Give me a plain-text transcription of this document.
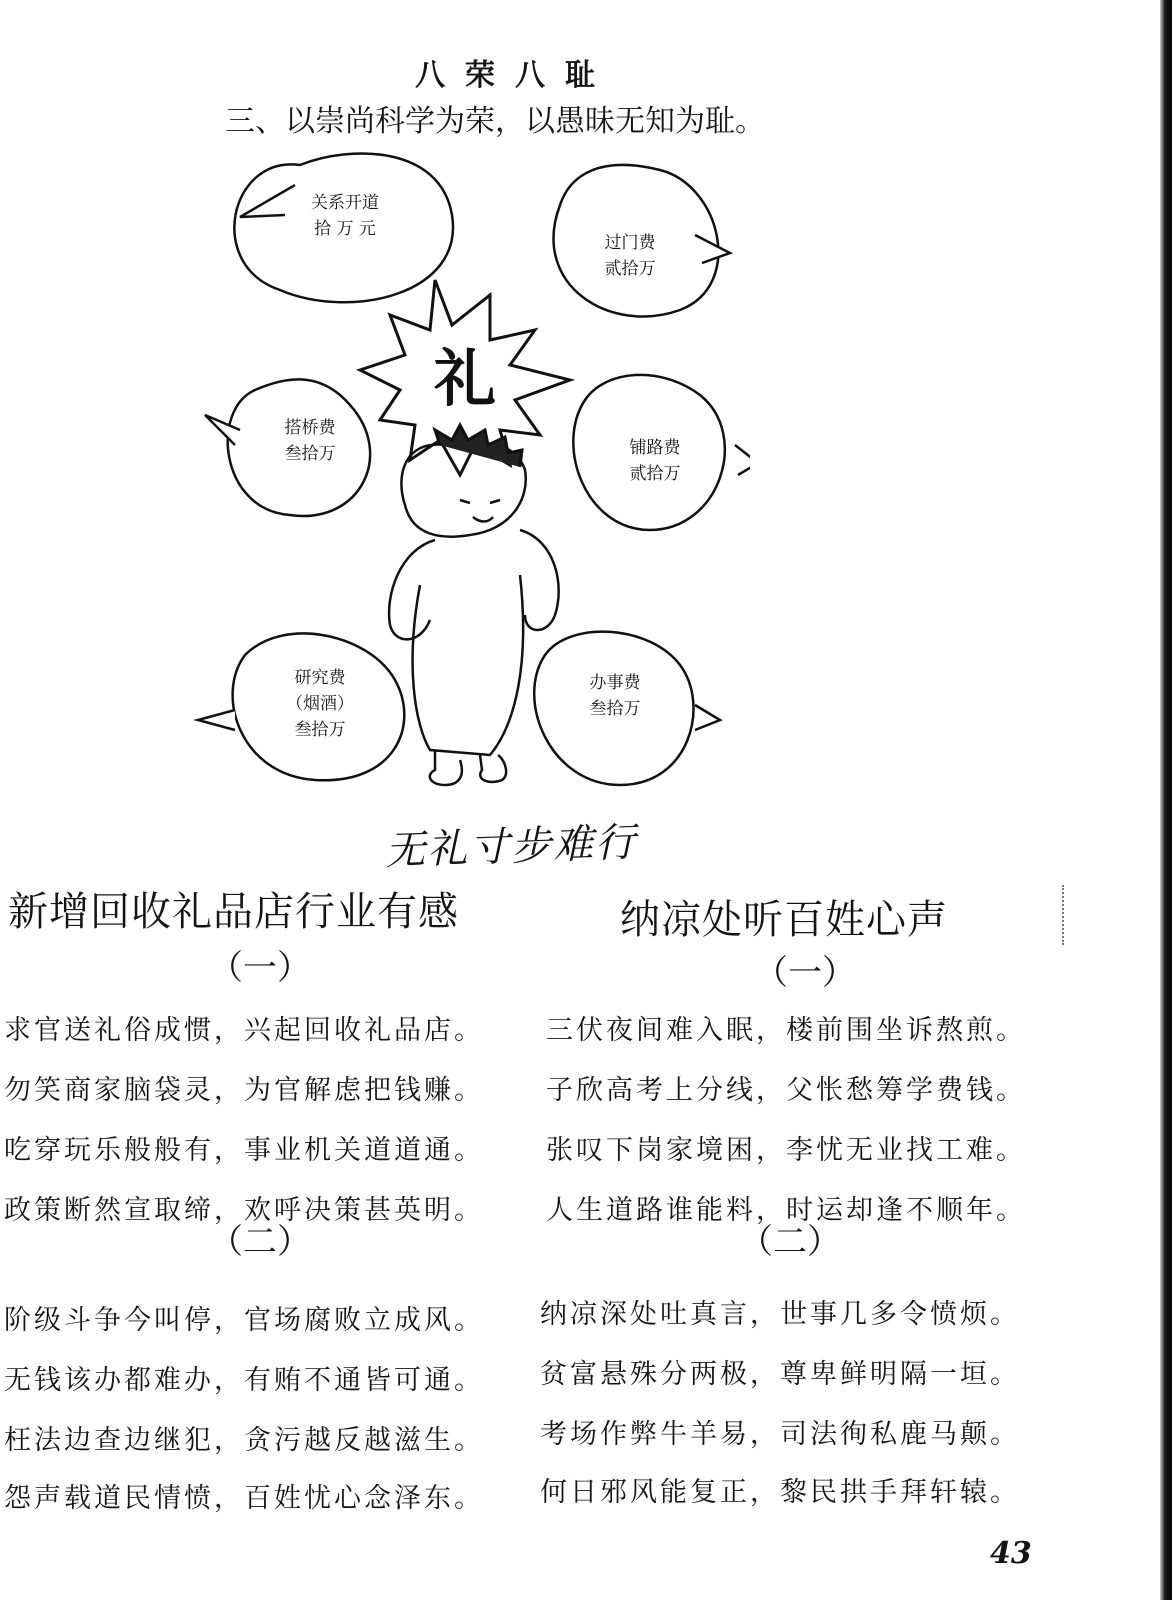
八荣八耻
三、以崇尚科学为荣，以愚昧无知为耻。
礼
关系开道
拾 万 元
过门费
贰拾万
搭桥费
叁拾万	铺路费
贰拾万
研究费
（烟酒）
叁拾万
办事费
叁拾万
无礼寸步难行
新增回收礼品店行业有感
（一）
求官送礼俗成惯，兴起回收礼品店。
勿笑商家脑袋灵，为官解虑把钱赚。
吃穿玩乐般般有，事业机关道道通。
政策断然宣取缔，欢呼决策甚英明。
（二）
阶级斗争今叫停，官场腐败立成风。
无钱该办都难办，有贿不通皆可通。
枉法边查边继犯，贪污越反越滋生。
怨声载道民情愤，百姓忧心念泽东。
纳凉处听百姓心声
（一）
三伏夜间难入眠，楼前围坐诉熬煎。
子欣高考上分线，父怅愁筹学费钱。
张叹下岗家境困，李忧无业找工难。
人生道路谁能料，时运却逢不顺年。
（二）
纳凉深处吐真言，世事几多令愤烦。
贫富悬殊分两极，尊卑鲜明隔一垣。
考场作弊牛羊易，司法徇私鹿马颠。
何日邪风能复正，黎民拱手拜轩辕。
43
